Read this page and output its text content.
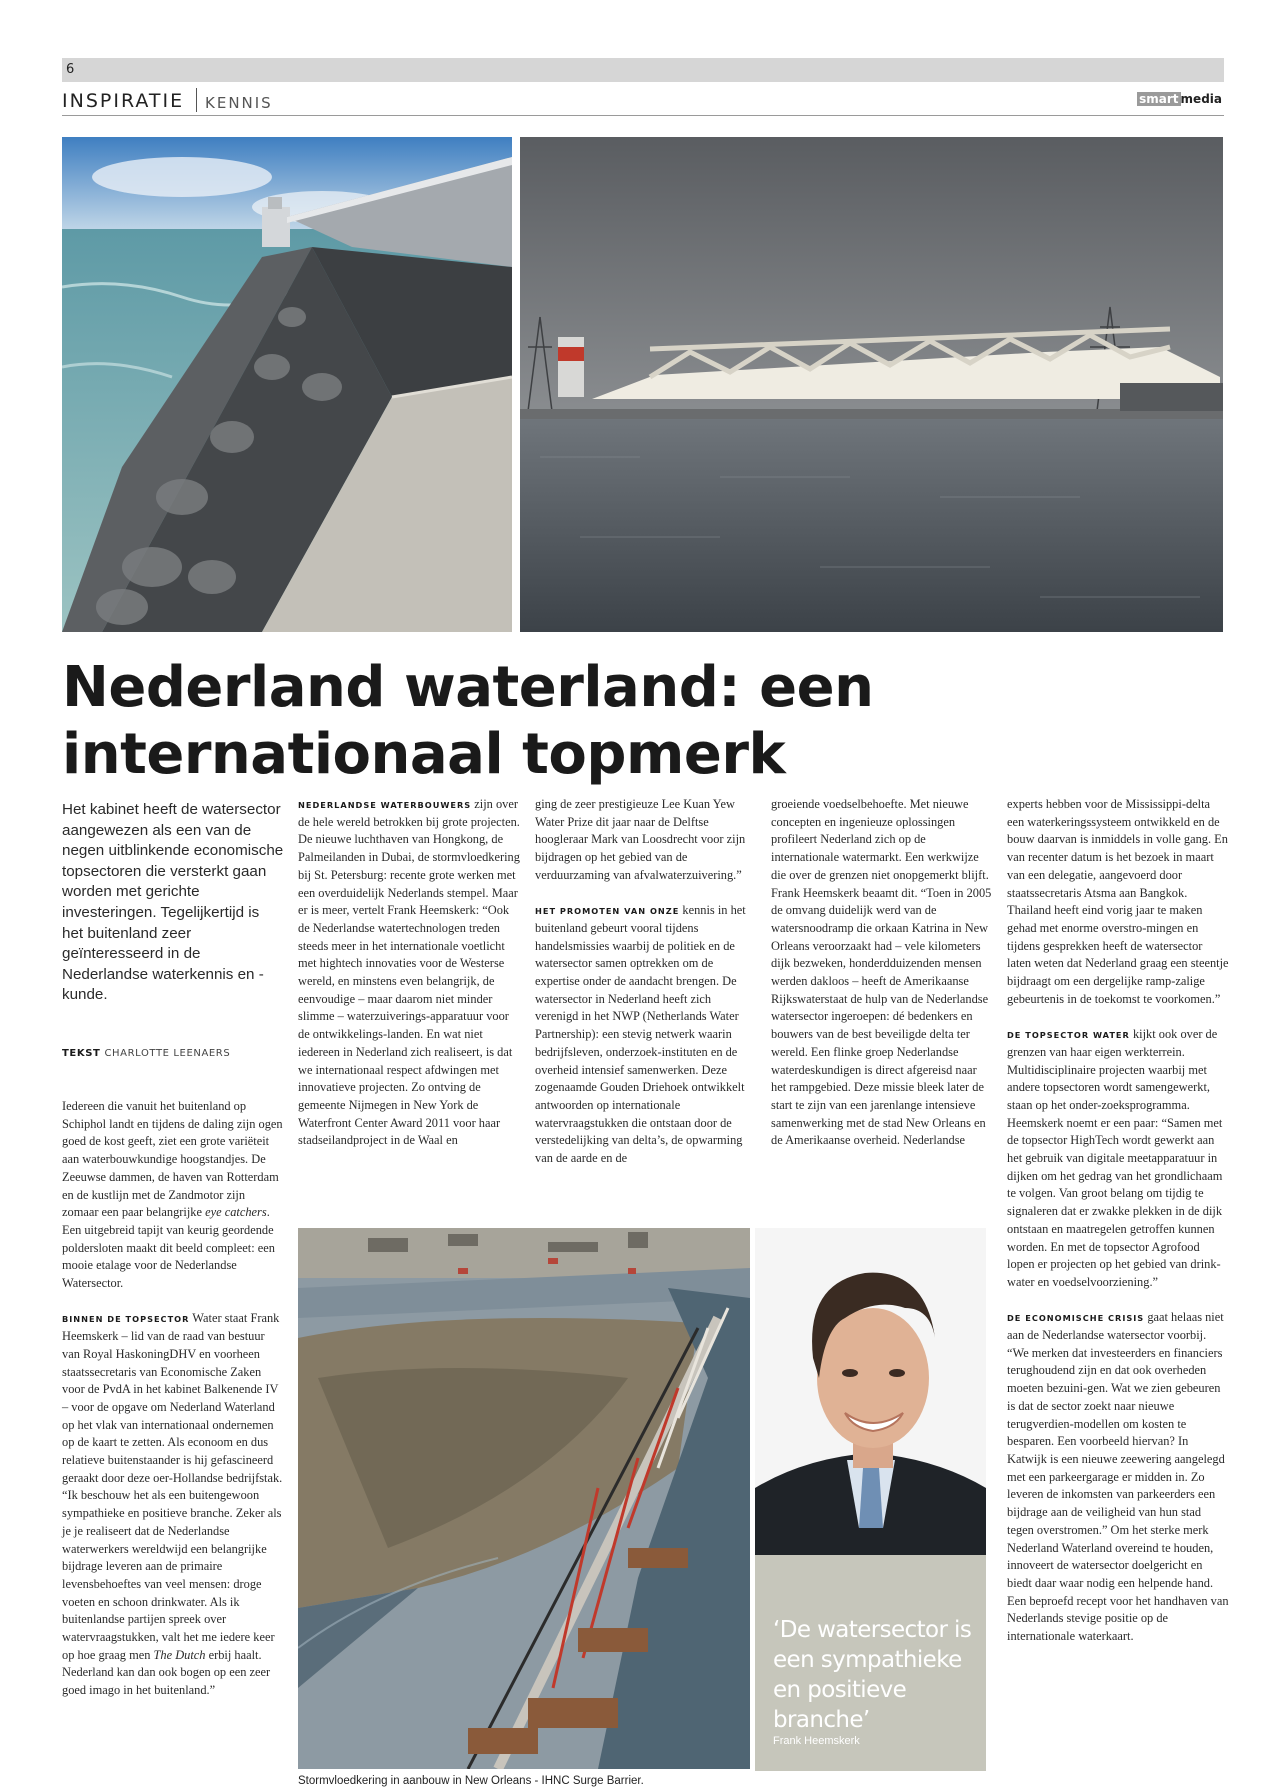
6
INSPIRATIE KENNIS	smart media
Nederland waterland: een
internationaal topmerk

Het kabinet heeft de watersector aangewezen als een van de negen uitblinkende economische topsectoren die versterkt gaan worden met gerichte investeringen. Tegelijkertijd is het buitenland zeer geïnteresseerd in de Nederlandse waterkennis en -kunde.

TEKST CHARLOTTE LEENAERS

Iedereen die vanuit het buitenland op Schiphol landt en tijdens de daling zijn ogen goed de kost geeft, ziet een grote variëteit aan waterbouwkundige hoogstandjes. De Zeeuwse dammen, de haven van Rotterdam en de kustlijn met de Zandmotor zijn zomaar een paar belangrijke eye catchers. Een uitgebreid tapijt van keurig geordende poldersloten maakt dit beeld compleet: een mooie etalage voor de Nederlandse Watersector.

BINNEN DE TOPSECTOR Water staat Frank Heemskerk – lid van de raad van bestuur van Royal HaskoningDHV en voorheen staatssecretaris van Economische Zaken voor de PvdA in het kabinet Balkenende IV – voor de opgave om Nederland Waterland op het vlak van internationaal ondernemen op de kaart te zetten. Als econoom en dus relatieve buitenstaander is hij gefascineerd geraakt door deze oer-Hollandse bedrijfstak. “Ik beschouw het als een buitengewoon sympathieke en positieve branche. Zeker als je je realiseert dat de Nederlandse waterwerkers wereldwijd een belangrijke bijdrage leveren aan de primaire levensbehoeftes van veel mensen: droge voeten en schoon drinkwater. Als ik buitenlandse partijen spreek over watervraagstukken, valt het me iedere keer op hoe graag men The Dutch erbij haalt. Nederland kan dan ook bogen op een zeer goed imago in het buitenland.”

NEDERLANDSE WATERBOUWERS zijn over de hele wereld betrokken bij grote projecten. De nieuwe luchthaven van Hongkong, de Palmeilanden in Dubai, de stormvloedkering bij St. Petersburg: recente grote werken met een overduidelijk Nederlands stempel. Maar er is meer, vertelt Frank Heemskerk: “Ook de Nederlandse watertechnologen treden steeds meer in het internationale voetlicht met hightech innovaties voor de Westerse wereld, en minstens even belangrijk, de eenvoudige – maar daarom niet minder slimme – waterzuiverings-apparatuur voor de ontwikkelings-landen. En wat niet iedereen in Nederland zich realiseert, is dat we internationaal respect afdwingen met innovatieve projecten. Zo ontving de gemeente Nijmegen in New York de Waterfront Center Award 2011 voor haar stadseilandproject in de Waal en

ging de zeer prestigieuze Lee Kuan Yew Water Prize dit jaar naar de Delftse hoogleraar Mark van Loosdrecht voor zijn bijdragen op het gebied van de verduurzaming van afvalwaterzuivering.”

HET PROMOTEN VAN ONZE kennis in het buitenland gebeurt vooral tijdens handelsmissies waarbij de politiek en de watersector samen optrekken om de expertise onder de aandacht brengen. De watersector in Nederland heeft zich verenigd in het NWP (Netherlands Water Partnership): een stevig netwerk waarin bedrijfsleven, onderzoek-instituten en de overheid intensief samenwerken. Deze zogenaamde Gouden Driehoek ontwikkelt antwoorden op internationale watervraagstukken die ontstaan door de verstedelijking van delta’s, de opwarming van de aarde en de

groeiende voedselbehoefte. Met nieuwe concepten en ingenieuze oplossingen profileert Nederland zich op de internationale watermarkt. Een werkwijze die over de grenzen niet onopgemerkt blijft. Frank Heemskerk beaamt dit. “Toen in 2005 de omvang duidelijk werd van de watersnoodramp die orkaan Katrina in New Orleans veroorzaakt had – vele kilometers dijk bezweken, honderdduizenden mensen werden dakloos – heeft de Amerikaanse Rijkswaterstaat de hulp van de Nederlandse watersector ingeroepen: dé bedenkers en bouwers van de best beveiligde delta ter wereld. Een flinke groep Nederlandse waterdeskundigen is direct afgereisd naar het rampgebied. Deze missie bleek later de start te zijn van een jarenlange intensieve samenwerking met de stad New Orleans en de Amerikaanse overheid. Nederlandse

experts hebben voor de Mississippi-delta een waterkeringssysteem ontwikkeld en de bouw daarvan is inmiddels in volle gang. En van recenter datum is het bezoek in maart van een delegatie, aangevoerd door staatssecretaris Atsma aan Bangkok. Thailand heeft eind vorig jaar te maken gehad met enorme overstro-mingen en tijdens gesprekken heeft de watersector laten weten dat Nederland graag een steentje bijdraagt om een dergelijke ramp-zalige gebeurtenis in de toekomst te voorkomen.”

DE TOPSECTOR WATER kijkt ook over de grenzen van haar eigen werkterrein. Multidisciplinaire projecten waarbij met andere topsectoren wordt samengewerkt, staan op het onder-zoeksprogramma. Heemskerk noemt er een paar: “Samen met de topsector HighTech wordt gewerkt aan het gebruik van digitale meetapparatuur in dijken om het gedrag van het grondlichaam te volgen. Van groot belang om tijdig te signaleren dat er zwakke plekken in de dijk ontstaan en maatregelen getroffen kunnen worden. En met de topsector Agrofood lopen er projecten op het gebied van drink-water en voedselvoorziening.”

DE ECONOMISCHE CRISIS gaat helaas niet aan de Nederlandse watersector voorbij. “We merken dat investeerders en financiers terughoudend zijn en dat ook overheden moeten bezuini-gen. Wat we zien gebeuren is dat de sector zoekt naar nieuwe terugverdien-modellen om kosten te besparen. Een voorbeeld hiervan? In Katwijk is een nieuwe zeewering aangelegd met een parkeergarage er midden in. Zo leveren de inkomsten van parkeerders een bijdrage aan de veiligheid van hun stad tegen overstromen.” Om het sterke merk Nederland Waterland overeind te houden, innoveert de watersector doelgericht en biedt daar waar nodig een helpende hand. Een beproefd recept voor het handhaven van Nederlands stevige positie op de internationale waterkaart.

Stormvloedkering in aanbouw in New Orleans - IHNC Surge Barrier.

‘De watersector is een sympathieke en positieve branche’

Frank Heemskerk
